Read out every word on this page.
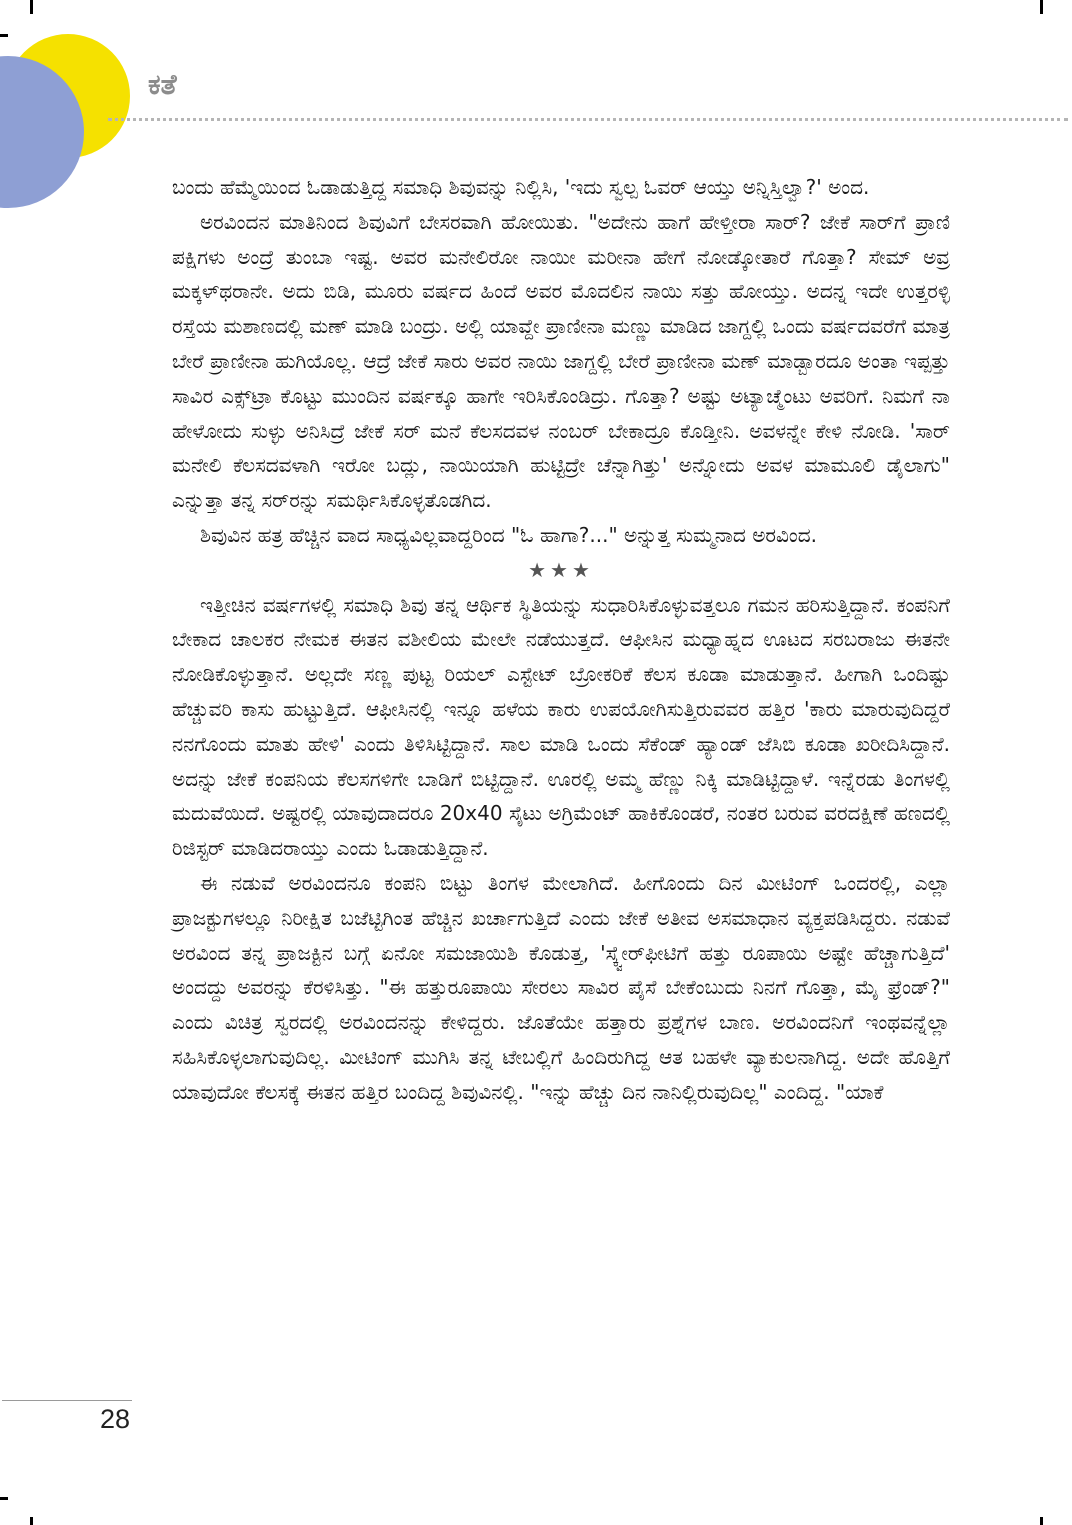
ಕತೆ

ಬಂದು ಹೆಮ್ಮೆಯಿಂದ ಓಡಾಡುತ್ತಿದ್ದ ಸಮಾಧಿ ಶಿವುವನ್ನು ನಿಲ್ಲಿಸಿ, 'ಇದು ಸ್ವಲ್ಪ ಓವರ್ ಆಯ್ತು ಅನ್ನಿಸ್ತಿಲ್ವಾ?' ಅಂದ.

ಅರವಿಂದನ ಮಾತಿನಿಂದ ಶಿವುವಿಗೆ ಬೇಸರವಾಗಿ ಹೋಯಿತು. "ಅದೇನು ಹಾಗೆ ಹೇಳ್ತೀರಾ ಸಾರ್? ಜೇಕೆ ಸಾರ್‌ಗೆ ಪ್ರಾಣಿ ಪಕ್ಷಿಗಳು ಅಂದ್ರೆ ತುಂಬಾ ಇಷ್ಟ. ಅವರ ಮನೇಲಿರೋ ನಾಯೀ ಮರೀನಾ ಹೇಗೆ ನೋಡ್ಕೋತಾರೆ ಗೊತ್ತಾ? ಸೇಮ್ ಅವ್ರ ಮಕ್ಕಳ್‌ಥರಾನೇ. ಅದು ಬಿಡಿ, ಮೂರು ವರ್ಷದ ಹಿಂದೆ ಅವರ ಮೊದಲಿನ ನಾಯಿ ಸತ್ತು ಹೋಯ್ತು. ಅದನ್ನ ಇದೇ ಉತ್ತರಳ್ಳಿ ರಸ್ತೆಯ ಮಶಾಣದಲ್ಲಿ ಮಣ್ ಮಾಡಿ ಬಂದ್ರು. ಅಲ್ಲಿ ಯಾವ್ದೇ ಪ್ರಾಣೀನಾ ಮಣ್ಣು ಮಾಡಿದ ಜಾಗ್ದಲ್ಲಿ ಒಂದು ವರ್ಷದವರೆಗೆ ಮಾತ್ರ ಬೇರೆ ಪ್ರಾಣೀನಾ ಹುಗಿಯೊಲ್ಲ. ಆದ್ರೆ ಜೇಕೆ ಸಾರು ಅವರ ನಾಯಿ ಜಾಗ್ದಲ್ಲಿ ಬೇರೆ ಪ್ರಾಣೀನಾ ಮಣ್ ಮಾಡ್ಬಾರದೂ ಅಂತಾ ಇಪ್ಪತ್ತು ಸಾವಿರ ಎಕ್ಸ್‌ಟ್ರಾ ಕೊಟ್ಟು ಮುಂದಿನ ವರ್ಷಕ್ಕೂ ಹಾಗೇ ಇರಿಸಿಕೊಂಡಿದ್ರು. ಗೊತ್ತಾ? ಅಷ್ಟು ಅಟ್ಯಾಚ್ಮೆಂಟು ಅವರಿಗೆ. ನಿಮಗೆ ನಾ ಹೇಳೋದು ಸುಳ್ಳು ಅನಿಸಿದ್ರೆ ಜೇಕೆ ಸರ್ ಮನೆ ಕೆಲಸದವಳ ನಂಬರ್ ಬೇಕಾದ್ರೂ ಕೊಡ್ತೀನಿ. ಅವಳನ್ನೇ ಕೇಳಿ ನೋಡಿ. 'ಸಾರ್ ಮನೇಲಿ ಕೆಲಸದವಳಾಗಿ ಇರೋ ಬದ್ಲು, ನಾಯಿಯಾಗಿ ಹುಟ್ಟಿದ್ರೇ ಚೆನ್ನಾಗಿತ್ತು' ಅನ್ನೋದು ಅವಳ ಮಾಮೂಲಿ ಡೈಲಾಗು" ಎನ್ನುತ್ತಾ ತನ್ನ ಸರ್‌ರನ್ನು ಸಮರ್ಥಿಸಿಕೊಳ್ಳತೊಡಗಿದ.

ಶಿವುವಿನ ಹತ್ರ ಹೆಚ್ಚಿನ ವಾದ ಸಾಧ್ಯವಿಲ್ಲವಾದ್ದರಿಂದ "ಓ ಹಾಗಾ?..." ಅನ್ನುತ್ತ ಸುಮ್ಮನಾದ ಅರವಿಂದ.

★★★

ಇತ್ತೀಚಿನ ವರ್ಷಗಳಲ್ಲಿ ಸಮಾಧಿ ಶಿವು ತನ್ನ ಆರ್ಥಿಕ ಸ್ಥಿತಿಯನ್ನು ಸುಧಾರಿಸಿಕೊಳ್ಳುವತ್ತಲೂ ಗಮನ ಹರಿಸುತ್ತಿದ್ದಾನೆ. ಕಂಪನಿಗೆ ಬೇಕಾದ ಚಾಲಕರ ನೇಮಕ ಈತನ ವಶೀಲಿಯ ಮೇಲೇ ನಡೆಯುತ್ತದೆ. ಆಫೀಸಿನ ಮಧ್ಯಾಹ್ನದ ಊಟದ ಸರಬರಾಜು ಈತನೇ ನೋಡಿಕೊಳ್ಳುತ್ತಾನೆ. ಅಲ್ಲದೇ ಸಣ್ಣ ಪುಟ್ಟ ರಿಯಲ್ ಎಸ್ಟೇಟ್ ಬ್ರೋಕರಿಕೆ ಕೆಲಸ ಕೂಡಾ ಮಾಡುತ್ತಾನೆ. ಹೀಗಾಗಿ ಒಂದಿಷ್ಟು ಹೆಚ್ಚುವರಿ ಕಾಸು ಹುಟ್ಟುತ್ತಿದೆ. ಆಫೀಸಿನಲ್ಲಿ ಇನ್ನೂ ಹಳೆಯ ಕಾರು ಉಪಯೋಗಿಸುತ್ತಿರುವವರ ಹತ್ತಿರ 'ಕಾರು ಮಾರುವುದಿದ್ದರೆ ನನಗೊಂದು ಮಾತು ಹೇಳಿ' ಎಂದು ತಿಳಿಸಿಟ್ಟಿದ್ದಾನೆ. ಸಾಲ ಮಾಡಿ ಒಂದು ಸೆಕೆಂಡ್ ಹ್ಯಾಂಡ್ ಜೆಸಿಬಿ ಕೂಡಾ ಖರೀದಿಸಿದ್ದಾನೆ. ಅದನ್ನು ಜೇಕೆ ಕಂಪನಿಯ ಕೆಲಸಗಳಿಗೇ ಬಾಡಿಗೆ ಬಿಟ್ಟಿದ್ದಾನೆ. ಊರಲ್ಲಿ ಅಮ್ಮ ಹೆಣ್ಣು ನಿಕ್ಕಿ ಮಾಡಿಟ್ಟಿದ್ದಾಳೆ. ಇನ್ನೆರಡು ತಿಂಗಳಲ್ಲಿ ಮದುವೆಯಿದೆ. ಅಷ್ಟರಲ್ಲಿ ಯಾವುದಾದರೂ 20x40 ಸೈಟು ಅಗ್ರಿಮೆಂಟ್ ಹಾಕಿಕೊಂಡರೆ, ನಂತರ ಬರುವ ವರದಕ್ಷಿಣೆ ಹಣದಲ್ಲಿ ರಿಜಿಸ್ಟರ್ ಮಾಡಿದರಾಯ್ತು ಎಂದು ಓಡಾಡುತ್ತಿದ್ದಾನೆ.

ಈ ನಡುವೆ ಅರವಿಂದನೂ ಕಂಪನಿ ಬಿಟ್ಟು ತಿಂಗಳ ಮೇಲಾಗಿದೆ. ಹೀಗೊಂದು ದಿನ ಮೀಟಿಂಗ್ ಒಂದರಲ್ಲಿ, ಎಲ್ಲಾ ಪ್ರಾಜಕ್ಟುಗಳಲ್ಲೂ ನಿರೀಕ್ಷಿತ ಬಜೆಟ್ಟಿಗಿಂತ ಹೆಚ್ಚಿನ ಖರ್ಚಾಗುತ್ತಿದೆ ಎಂದು ಜೇಕೆ ಅತೀವ ಅಸಮಾಧಾನ ವ್ಯಕ್ತಪಡಿಸಿದ್ದರು. ನಡುವೆ ಅರವಿಂದ ತನ್ನ ಪ್ರಾಜಕ್ಟಿನ ಬಗ್ಗೆ ಏನೋ ಸಮಜಾಯಿಶಿ ಕೊಡುತ್ತ, 'ಸ್ಕ್ವೇರ್‌ಫೀಟಿಗೆ ಹತ್ತು ರೂಪಾಯಿ ಅಷ್ಟೇ ಹೆಚ್ಚಾಗುತ್ತಿದೆ' ಅಂದದ್ದು ಅವರನ್ನು ಕೆರಳಿಸಿತ್ತು. "ಈ ಹತ್ತುರೂಪಾಯಿ ಸೇರಲು ಸಾವಿರ ಪೈಸೆ ಬೇಕೆಂಬುದು ನಿನಗೆ ಗೊತ್ತಾ, ಮೈ ಫ್ರೆಂಡ್?" ಎಂದು ವಿಚಿತ್ರ ಸ್ವರದಲ್ಲಿ ಅರವಿಂದನನ್ನು ಕೇಳಿದ್ದರು. ಜೊತೆಯೇ ಹತ್ತಾರು ಪ್ರಶ್ನೆಗಳ ಬಾಣ. ಅರವಿಂದನಿಗೆ ಇಂಥವನ್ನೆಲ್ಲಾ ಸಹಿಸಿಕೊಳ್ಳಲಾಗುವುದಿಲ್ಲ. ಮೀಟಿಂಗ್ ಮುಗಿಸಿ ತನ್ನ ಟೇಬಲ್ಲಿಗೆ ಹಿಂದಿರುಗಿದ್ದ ಆತ ಬಹಳೇ ವ್ಯಾಕುಲನಾಗಿದ್ದ. ಅದೇ ಹೊತ್ತಿಗೆ ಯಾವುದೋ ಕೆಲಸಕ್ಕೆ ಈತನ ಹತ್ತಿರ ಬಂದಿದ್ದ ಶಿವುವಿನಲ್ಲಿ. "ಇನ್ನು ಹೆಚ್ಚು ದಿನ ನಾನಿಲ್ಲಿರುವುದಿಲ್ಲ" ಎಂದಿದ್ದ. "ಯಾಕೆ

28
